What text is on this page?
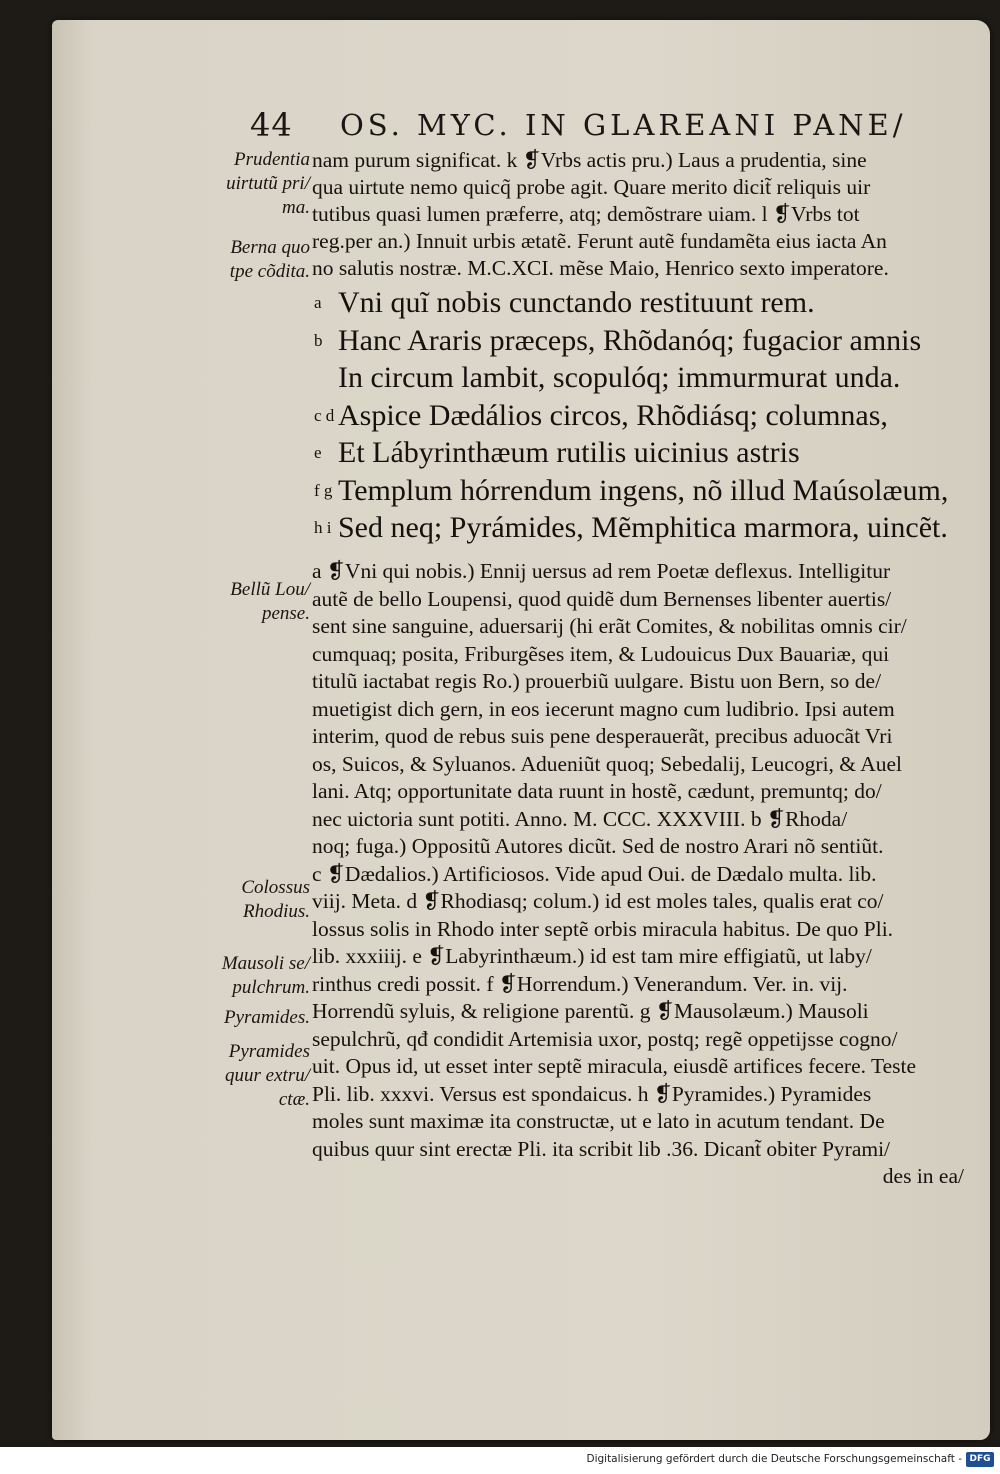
44 OS. MYC. IN GLAREANI PANE/
Prudentia
uirtutũ pri/
ma.
Berna quo
tpe cõdita.
Bellũ Lou/
pense.
Colossus
Rhodius.
Mausoli se/
pulchrum.
Pyramides.
Pyramides
quur extru/
ctæ.
nam purum significat. k ❡Vrbs actis pru.) Laus a prudentia, sine
qua uirtute nemo quicq̃ probe agit. Quare merito dicit̃ reliquis uir
tutibus quasi lumen præferre, atq; demõstrare uiam. l ❡Vrbs tot
reg.per an.) Innuit urbis ætatẽ. Ferunt autẽ fundamẽta eius iacta An
no salutis nostræ. M.C.XCI. mẽse Maio, Henrico sexto imperatore.
a Vni quĩ nobis cunctando restituunt rem.
b Hanc Araris præceps, Rhõdanóq; fugacior amnis
In circum lambit, scopulóq; immurmurat unda.
c d Aspice Dædálios circos, Rhõdiásq; columnas,
e Et Lábyrinthæum rutilis uicinius astris
f g Templum hórrendum ingens, nõ illud Maúsolæum,
h i Sed neq; Pyrámides, Mẽmphitica marmora, uincẽt.
a ❡Vni qui nobis.) Ennij uersus ad rem Poetæ deflexus. Intelligitur
autẽ de bello Loupensi, quod quidẽ dum Bernenses libenter auertis/
sent sine sanguine, aduersarij (hi erãt Comites, & nobilitas omnis cir/
cumquaq; posita, Friburgẽses item, & Ludouicus Dux Bauariæ, qui
titulũ iactabat regis Ro.) prouerbiũ uulgare. Bistu uon Bern, so de/
muetigist dich gern, in eos iecerunt magno cum ludibrio. Ipsi autem
interim, quod de rebus suis pene desperauerãt, precibus aduocãt Vri
os, Suicos, & Syluanos. Adueniũt quoq; Sebedalij, Leucogri, & Auel
lani. Atq; opportunitate data ruunt in hostẽ, cædunt, premuntq; do/
nec uictoria sunt potiti. Anno. M. CCC. XXXVIII. b ❡Rhoda/
noq; fuga.) Oppositũ Autores dicũt. Sed de nostro Arari nõ sentiũt.
c ❡Dædalios.) Artificiosos. Vide apud Oui. de Dædalo multa. lib.
viij. Meta. d ❡Rhodiasq; colum.) id est moles tales, qualis erat co/
lossus solis in Rhodo inter septẽ orbis miracula habitus. De quo Pli.
lib. xxxiiij. e ❡Labyrinthæum.) id est tam mire effigiatũ, ut laby/
rinthus credi possit. f ❡Horrendum.) Venerandum. Ver. in. vij.
Horrendũ syluis, & religione parentũ. g ❡Mausolæum.) Mausoli
sepulchrũ, qđ condidit Artemisia uxor, postq; regẽ oppetijsse cogno/
uit. Opus id, ut esset inter septẽ miracula, eiusdẽ artifices fecere. Teste
Pli. lib. xxxvi. Versus est spondaicus. h ❡Pyramides.) Pyramides
moles sunt maximæ ita constructæ, ut e lato in acutum tendant. De
quibus quur sint erectæ Pli. ita scribit lib .36. Dicant̃ obiter Pyrami/
des in ea/
Digitalisierung gefördert durch die Deutsche Forschungsgemeinschaft - DFG
